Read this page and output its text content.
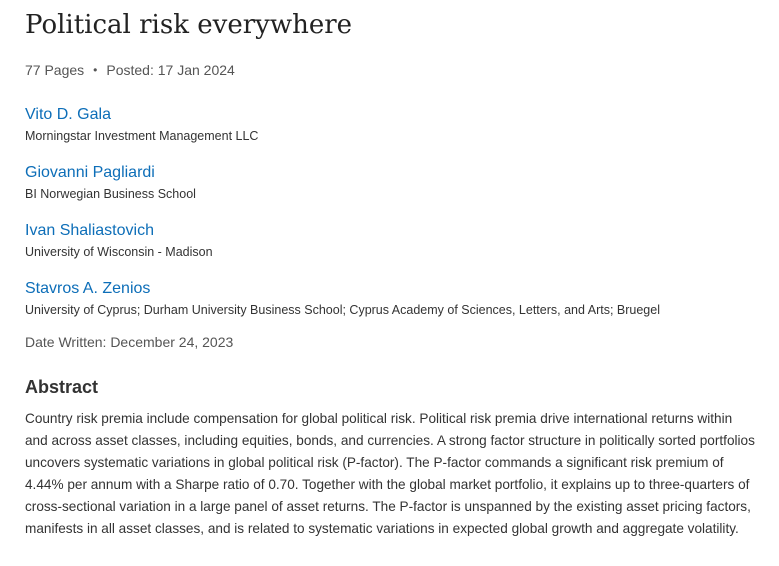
Political risk everywhere
77 Pages • Posted: 17 Jan 2024
Vito D. Gala
Morningstar Investment Management LLC
Giovanni Pagliardi
BI Norwegian Business School
Ivan Shaliastovich
University of Wisconsin - Madison
Stavros A. Zenios
University of Cyprus; Durham University Business School; Cyprus Academy of Sciences, Letters, and Arts; Bruegel
Date Written: December 24, 2023
Abstract

Country risk premia include compensation for global political risk. Political risk premia drive international returns within and across asset classes, including equities, bonds, and currencies. A strong factor structure in politically sorted portfolios uncovers systematic variations in global political risk (P-factor). The P-factor commands a significant risk premium of 4.44% per annum with a Sharpe ratio of 0.70. Together with the global market portfolio, it explains up to three-quarters of cross-sectional variation in a large panel of asset returns. The P-factor is unspanned by the existing asset pricing factors, manifests in all asset classes, and is related to systematic variations in expected global growth and aggregate volatility.
